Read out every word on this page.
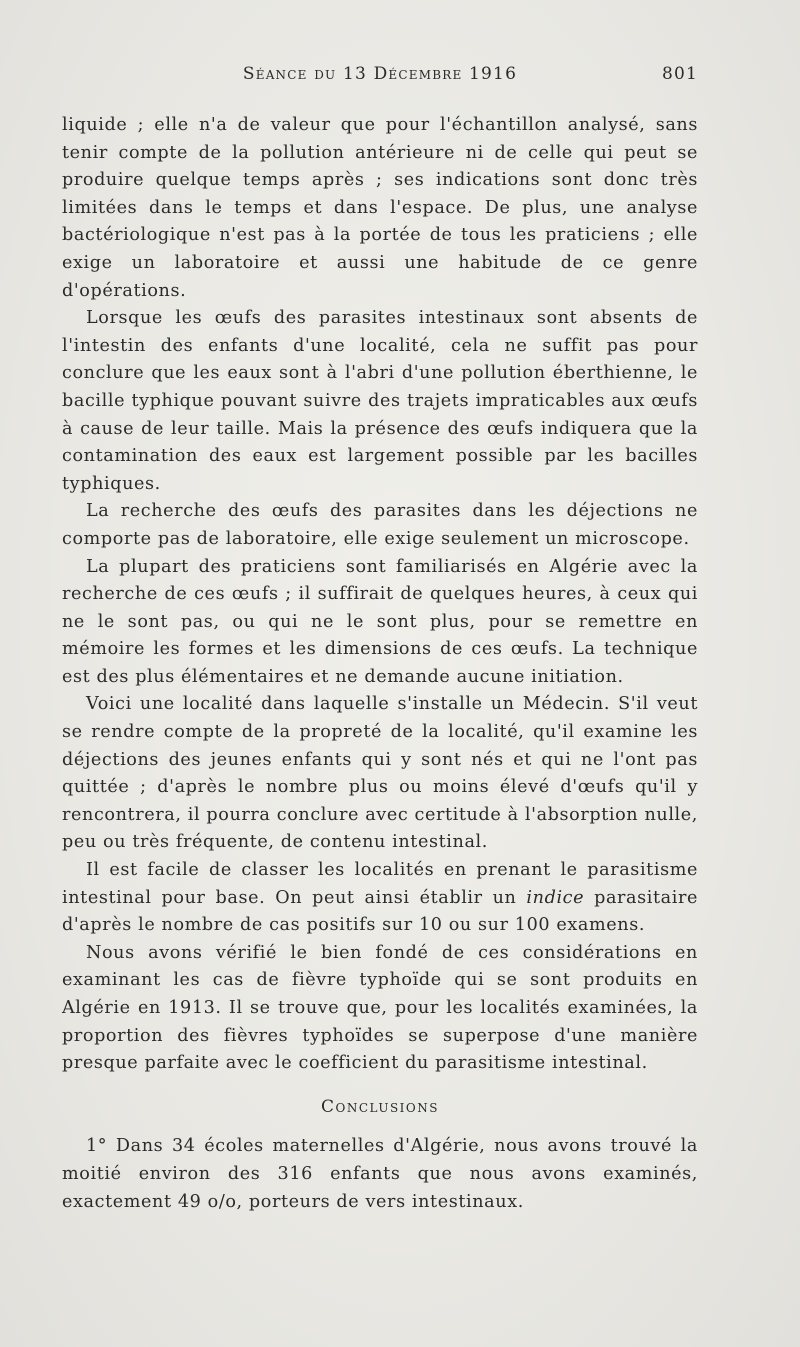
Séance du 13 Décembre 1916	801

liquide ; elle n'a de valeur que pour l'échantillon analysé, sans tenir compte de la pollution antérieure ni de celle qui peut se produire quelque temps après ; ses indications sont donc très limitées dans le temps et dans l'espace. De plus, une analyse bactériologique n'est pas à la portée de tous les praticiens ; elle exige un laboratoire et aussi une habitude de ce genre d'opérations.

Lorsque les œufs des parasites intestinaux sont absents de l'intestin des enfants d'une localité, cela ne suffit pas pour conclure que les eaux sont à l'abri d'une pollution éberthienne, le bacille typhique pouvant suivre des trajets impraticables aux œufs à cause de leur taille. Mais la présence des œufs indiquera que la contamination des eaux est largement possible par les bacilles typhiques.

La recherche des œufs des parasites dans les déjections ne comporte pas de laboratoire, elle exige seulement un microscope.

La plupart des praticiens sont familiarisés en Algérie avec la recherche de ces œufs ; il suffirait de quelques heures, à ceux qui ne le sont pas, ou qui ne le sont plus, pour se remettre en mémoire les formes et les dimensions de ces œufs. La technique est des plus élémentaires et ne demande aucune initiation.

Voici une localité dans laquelle s'installe un Médecin. S'il veut se rendre compte de la propreté de la localité, qu'il examine les déjections des jeunes enfants qui y sont nés et qui ne l'ont pas quittée ; d'après le nombre plus ou moins élevé d'œufs qu'il y rencontrera, il pourra conclure avec certitude à l'absorption nulle, peu ou très fréquente, de contenu intestinal.

Il est facile de classer les localités en prenant le parasitisme intestinal pour base. On peut ainsi établir un indice parasitaire d'après le nombre de cas positifs sur 10 ou sur 100 examens.

Nous avons vérifié le bien fondé de ces considérations en examinant les cas de fièvre typhoïde qui se sont produits en Algérie en 1913. Il se trouve que, pour les localités examinées, la proportion des fièvres typhoïdes se superpose d'une manière presque parfaite avec le coefficient du parasitisme intestinal.

Conclusions

1° Dans 34 écoles maternelles d'Algérie, nous avons trouvé la moitié environ des 316 enfants que nous avons examinés, exactement 49 o/o, porteurs de vers intestinaux.
